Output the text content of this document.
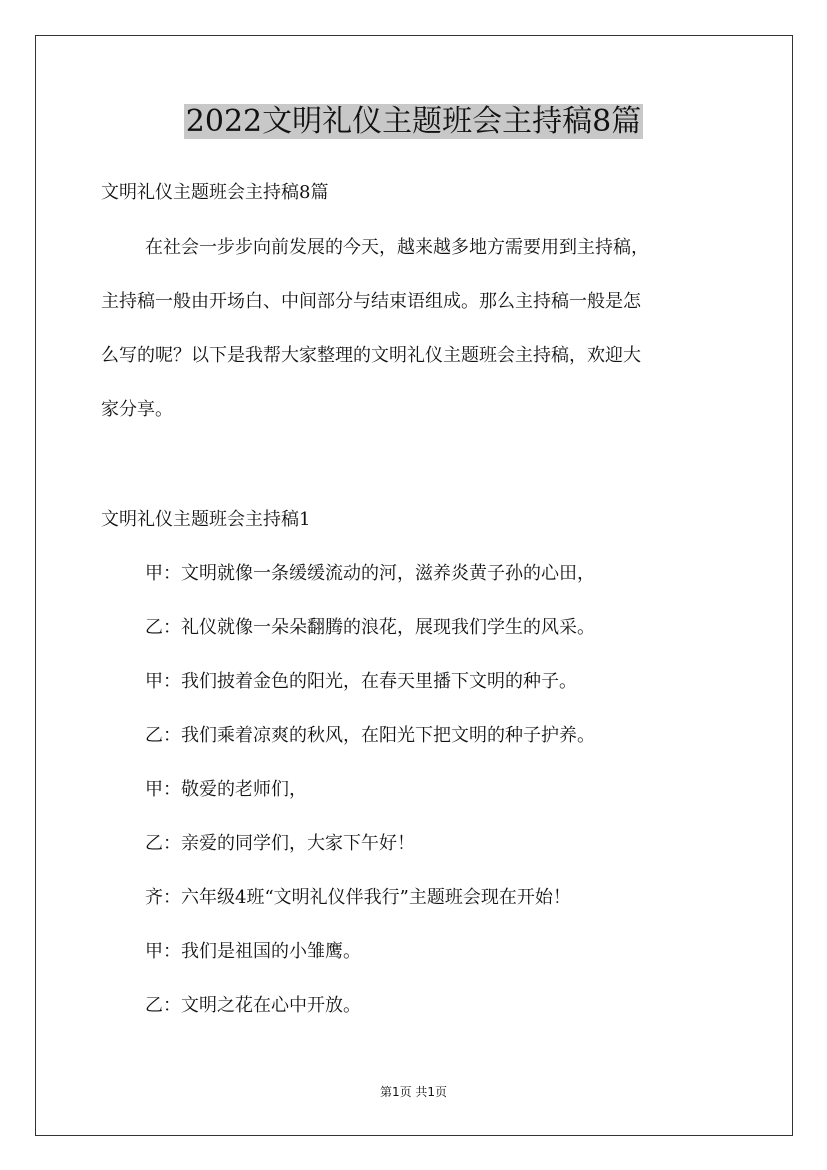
2022文明礼仪主题班会主持稿8篇

文明礼仪主题班会主持稿8篇

在社会一步步向前发展的今天，越来越多地方需要用到主持稿，

主持稿一般由开场白、中间部分与结束语组成。那么主持稿一般是怎

么写的呢？以下是我帮大家整理的文明礼仪主题班会主持稿，欢迎大

家分享。

文明礼仪主题班会主持稿1

甲：文明就像一条缓缓流动的河，滋养炎黄子孙的心田，

乙：礼仪就像一朵朵翻腾的浪花，展现我们学生的风采。

甲：我们披着金色的阳光，在春天里播下文明的种子。

乙：我们乘着凉爽的秋风，在阳光下把文明的种子护养。

甲：敬爱的老师们，

乙：亲爱的同学们，大家下午好！

齐：六年级4班“文明礼仪伴我行”主题班会现在开始！

甲：我们是祖国的小雏鹰。

乙：文明之花在心中开放。

第1页 共1页
